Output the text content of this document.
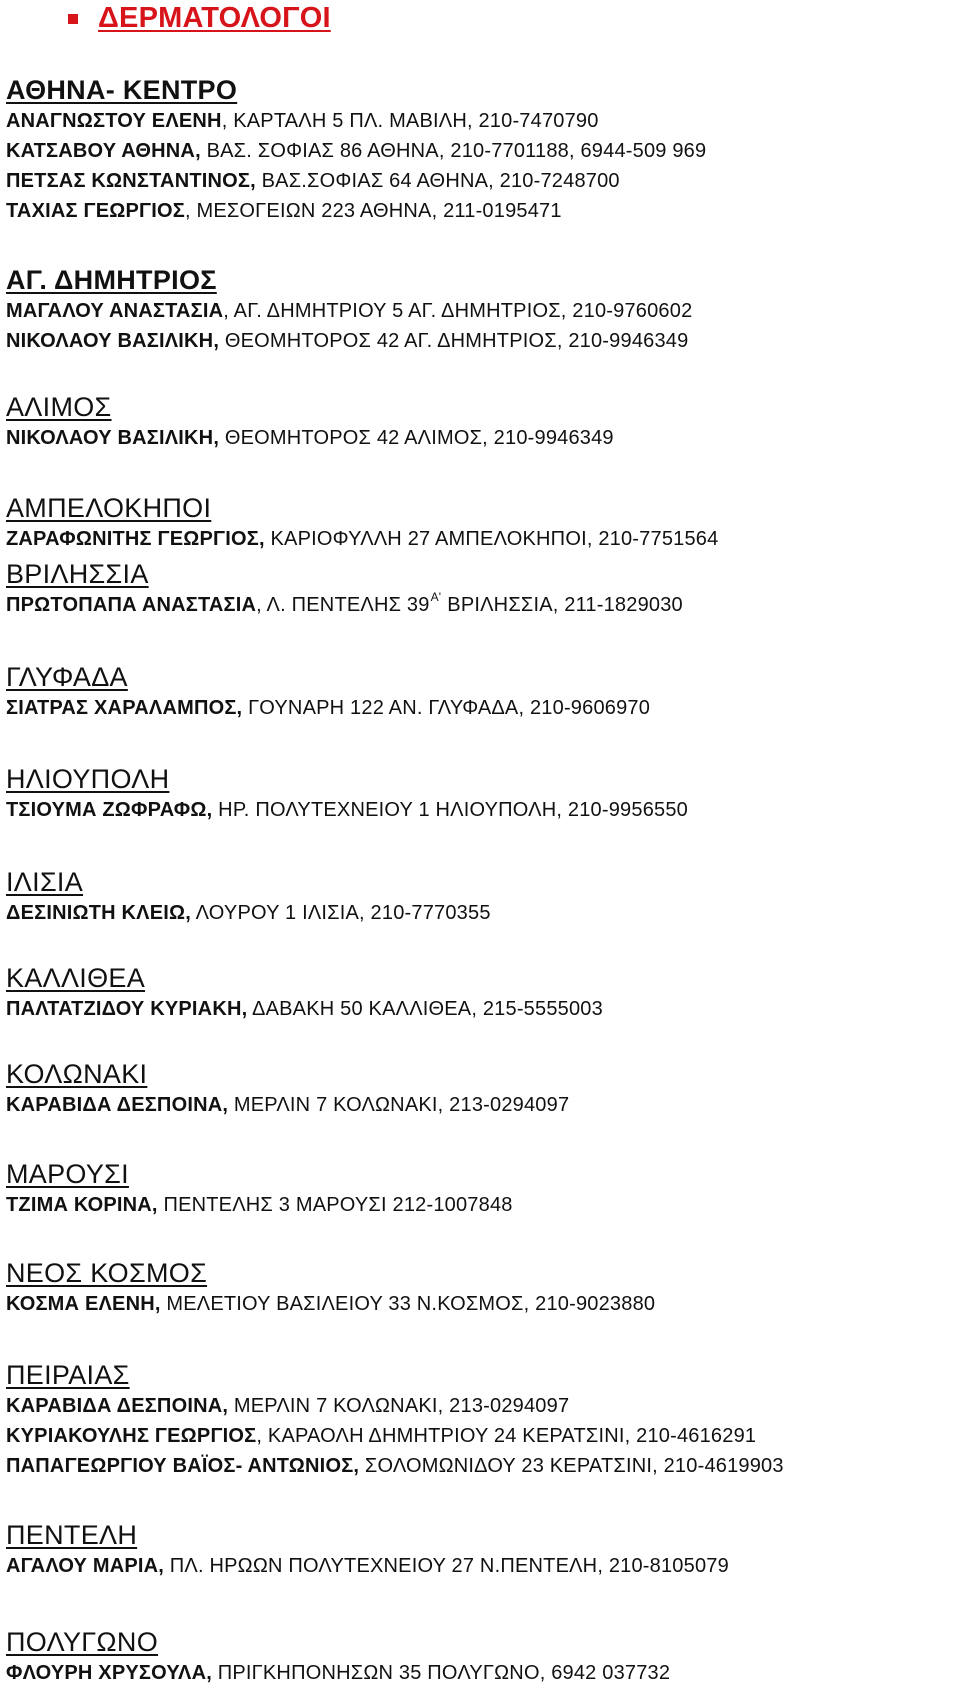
ΔΕΡΜΑΤΟΛΟΓΟΙ
ΑΘΗΝΑ- ΚΕΝΤΡΟ
ΑΝΑΓΝΩΣΤΟΥ ΕΛΕΝΗ, ΚΑΡΤΑΛΗ 5 ΠΛ. ΜΑΒΙΛΗ, 210-7470790
ΚΑΤΣΑΒΟΥ ΑΘΗΝΑ, ΒΑΣ. ΣΟΦΙΑΣ 86 ΑΘΗΝΑ, 210-7701188, 6944-509 969
ΠΕΤΣΑΣ ΚΩΝΣΤΑΝΤΙΝΟΣ, ΒΑΣ.ΣΟΦΙΑΣ 64 ΑΘΗΝΑ, 210-7248700
ΤΑΧΙΑΣ ΓΕΩΡΓΙΟΣ, ΜΕΣΟΓΕΙΩΝ 223 ΑΘΗΝΑ, 211-0195471
ΑΓ. ΔΗΜΗΤΡΙΟΣ
ΜΑΓΑΛΟΥ ΑΝΑΣΤΑΣΙΑ, ΑΓ. ΔΗΜΗΤΡΙΟΥ 5 ΑΓ. ΔΗΜΗΤΡΙΟΣ, 210-9760602
ΝΙΚΟΛΑΟΥ ΒΑΣΙΛΙΚΗ, ΘΕΟΜΗΤΟΡΟΣ 42 ΑΓ. ΔΗΜΗΤΡΙΟΣ, 210-9946349
ΑΛΙΜΟΣ
ΝΙΚΟΛΑΟΥ ΒΑΣΙΛΙΚΗ, ΘΕΟΜΗΤΟΡΟΣ 42 ΑΛΙΜΟΣ, 210-9946349
ΑΜΠΕΛΟΚΗΠΟΙ
ΖΑΡΑΦΩΝΙΤΗΣ ΓΕΩΡΓΙΟΣ, ΚΑΡΙΟΦΥΛΛΗ 27 ΑΜΠΕΛΟΚΗΠΟΙ, 210-7751564
ΒΡΙΛΗΣΣΙΑ
ΠΡΩΤΟΠΑΠΑ ΑΝΑΣΤΑΣΙΑ, Λ. ΠΕΝΤΕΛΗΣ $39^{A'}$ ΒΡΙΛΗΣΣΙΑ, 211-1829030
ΓΛΥΦΑΔΑ
ΣΙΑΤΡΑΣ ΧΑΡΑΛΑΜΠΟΣ, ΓΟΥΝΑΡΗ 122 ΑΝ. ΓΛΥΦΑΔΑ, 210-9606970
ΗΛΙΟΥΠΟΛΗ
ΤΣΙΟΥΜΑ ΖΩΦΡΑΦΩ, ΗΡ. ΠΟΛΥΤΕΧΝΕΙΟΥ 1 ΗΛΙΟΥΠΟΛΗ, 210-9956550
ΙΛΙΣΙΑ
ΔΕΣΙΝΙΩΤΗ ΚΛΕΙΩ, ΛΟΥΡΟΥ 1 ΙΛΙΣΙΑ, 210-7770355
ΚΑΛΛΙΘΕΑ
ΠΑΛΤΑΤΖΙΔΟΥ ΚΥΡΙΑΚΗ, ΔΑΒΑΚΗ 50 ΚΑΛΛΙΘΕΑ, 215-5555003
ΚΟΛΩΝΑΚΙ
ΚΑΡΑΒΙΔΑ ΔΕΣΠΟΙΝΑ, ΜΕΡΛΙΝ 7 ΚΟΛΩΝΑΚΙ, 213-0294097
ΜΑΡΟΥΣΙ
ΤΖΙΜΑ ΚΟΡΙΝΑ, ΠΕΝΤΕΛΗΣ 3 ΜΑΡΟΥΣΙ 212-1007848
ΝΕΟΣ ΚΟΣΜΟΣ
ΚΟΣΜΑ ΕΛΕΝΗ, ΜΕΛΕΤΙΟΥ ΒΑΣΙΛΕΙΟΥ 33 Ν.ΚΟΣΜΟΣ, 210-9023880
ΠΕΙΡΑΙΑΣ
ΚΑΡΑΒΙΔΑ ΔΕΣΠΟΙΝΑ, ΜΕΡΛΙΝ 7 ΚΟΛΩΝΑΚΙ, 213-0294097
ΚΥΡΙΑΚΟΥΛΗΣ ΓΕΩΡΓΙΟΣ, ΚΑΡΑΟΛΗ ΔΗΜΗΤΡΙΟΥ 24 ΚΕΡΑΤΣΙΝΙ, 210-4616291
ΠΑΠΑΓΕΩΡΓΙΟΥ ΒΑΪΟΣ- ΑΝΤΩΝΙΟΣ, ΣΟΛΟΜΩΝΙΔΟΥ 23 ΚΕΡΑΤΣΙΝΙ, 210-4619903
ΠΕΝΤΕΛΗ
ΑΓΑΛΟΥ ΜΑΡΙΑ, ΠΛ. ΗΡΩΩΝ ΠΟΛΥΤΕΧΝΕΙΟΥ 27 Ν.ΠΕΝΤΕΛΗ, 210-8105079
ΠΟΛΥΓΩΝΟ
ΦΛΟΥΡΗ ΧΡΥΣΟΥΛΑ, ΠΡΙΓΚΗΠΟΝΗΣΩΝ 35 ΠΟΛΥΓΩΝΟ, 6942 037732
